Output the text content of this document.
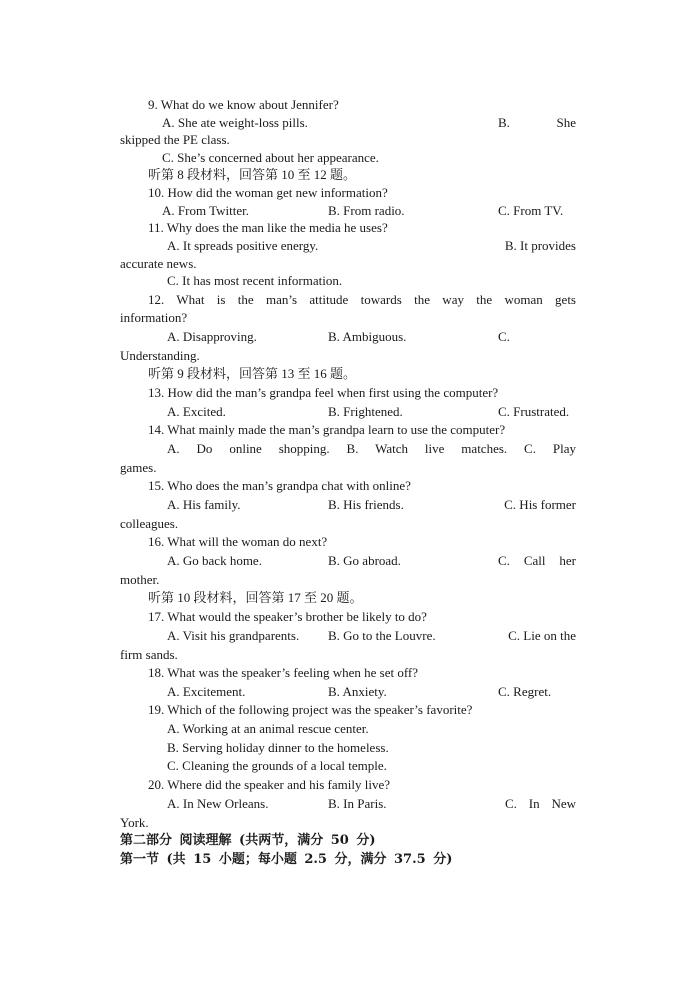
9. What do we know about Jennifer?
A. She ate weight-loss pills.	B.	She
skipped the PE class.
C. She’s concerned about her appearance.
听第 8 段材料，回答第 10 至 12 题。
10. How did the woman get new information?
A. From Twitter.	B. From radio.	C. From TV.
11. Why does the man like the media he uses?
A. It spreads positive energy.	B. It provides
accurate news.
C. It has most recent information.
12. What is the man’s attitude towards the way the woman gets
information?
A. Disapproving.	B. Ambiguous.	C.
Understanding.
听第 9 段材料，回答第 13 至 16 题。
13. How did the man’s grandpa feel when first using the computer?
A. Excited.	B. Frightened.	C. Frustrated.
14. What mainly made the man’s grandpa learn to use the computer?
A. Do online shopping. B. Watch live matches. C. Play
games.
15. Who does the man’s grandpa chat with online?
A. His family.	B. His friends.	C. His former
colleagues.
16. What will the woman do next?
A. Go back home.	B. Go abroad.	C. Call her
mother.
听第 10 段材料，回答第 17 至 20 题。
17. What would the speaker’s brother be likely to do?
A. Visit his grandparents. B. Go to the Louvre.	C. Lie on the
firm sands.
18. What was the speaker’s feeling when he set off?
A. Excitement.	B. Anxiety.	C. Regret.
19. Which of the following project was the speaker’s favorite?
A. Working at an animal rescue center.
B. Serving holiday dinner to the homeless.
C. Cleaning the grounds of a local temple.
20. Where did the speaker and his family live?
A. In New Orleans.	B. In Paris.	C. In New
York.
第二部分 阅读理解 (共两节，满分 50 分)
第一节 (共 15 小题；每小题 2.5 分，满分 37.5 分)
